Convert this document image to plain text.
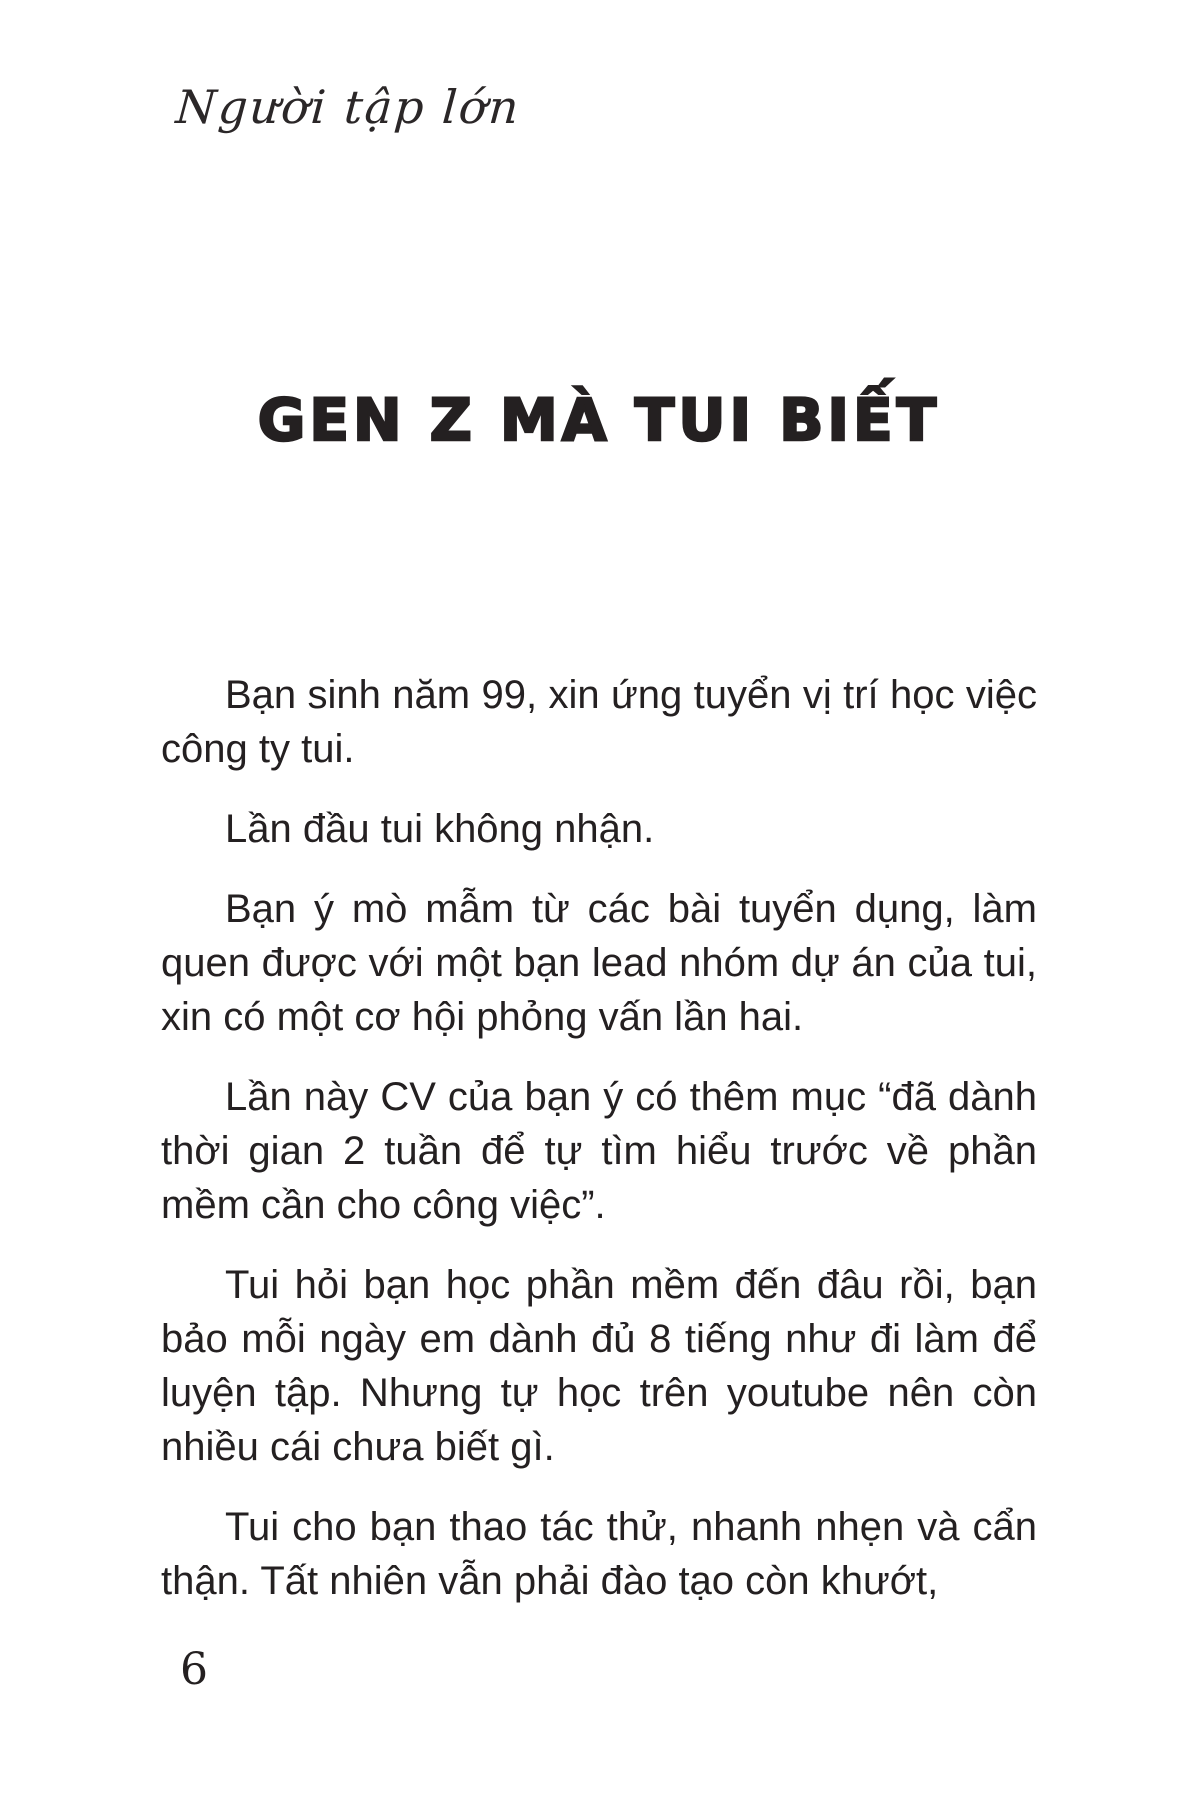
Người tập lớn
GEN Z MÀ TUI BIẾT

Bạn sinh năm 99, xin ứng tuyển vị trí học việc công ty tui.

Lần đầu tui không nhận.

Bạn ý mò mẫm từ các bài tuyển dụng, làm quen được với một bạn lead nhóm dự án của tui, xin có một cơ hội phỏng vấn lần hai.

Lần này CV của bạn ý có thêm mục “đã dành thời gian 2 tuần để tự tìm hiểu trước về phần mềm cần cho công việc”.

Tui hỏi bạn học phần mềm đến đâu rồi, bạn bảo mỗi ngày em dành đủ 8 tiếng như đi làm để luyện tập. Nhưng tự học trên youtube nên còn nhiều cái chưa biết gì.

Tui cho bạn thao tác thử, nhanh nhẹn và cẩn thận. Tất nhiên vẫn phải đào tạo còn khướt,

6
